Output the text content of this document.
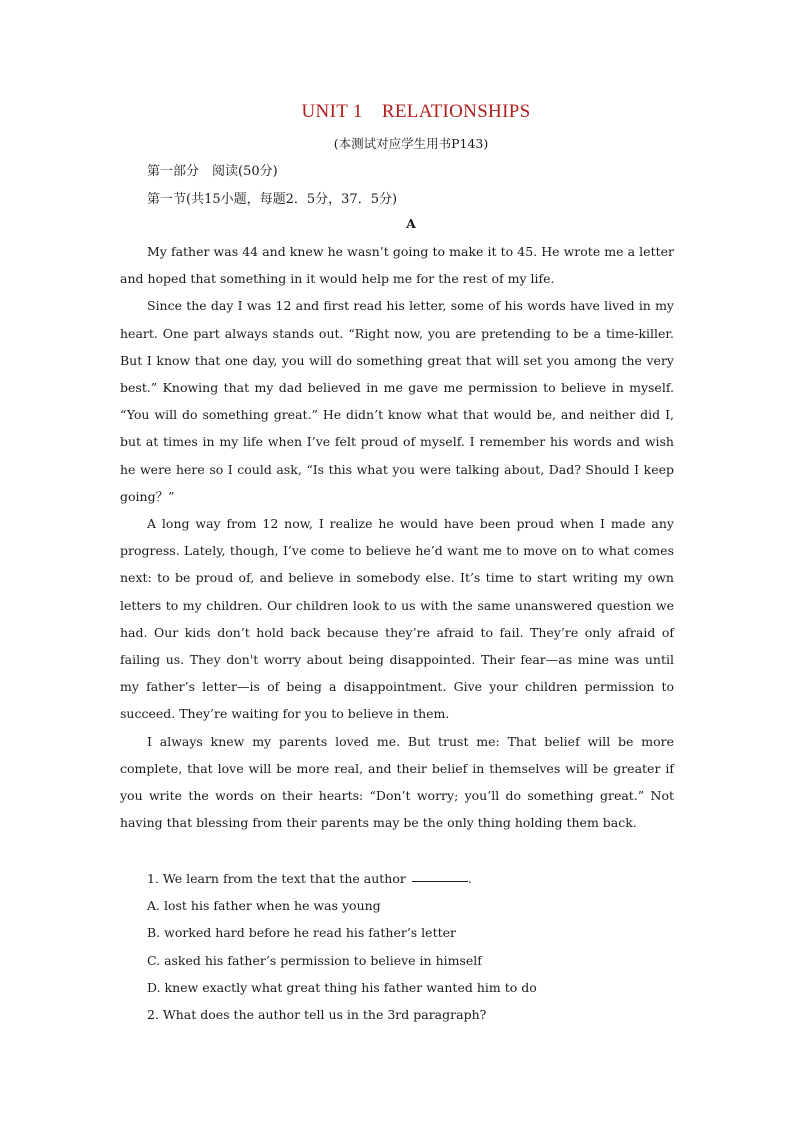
UNIT 1　RELATIONSHIPS
(本测试对应学生用书P143)
第一部分　阅读(50分)
第一节(共15小题，每题2．5分，37．5分)
A

My father was 44 and knew he wasn’t going to make it to 45. He wrote me a letter and hoped that something in it would help me for the rest of my life.

Since the day I was 12 and first read his letter, some of his words have lived in my heart. One part always stands out. “Right now, you are pretending to be a time-killer. But I know that one day, you will do something great that will set you among the very best.” Knowing that my dad believed in me gave me permission to believe in myself. “You will do something great.” He didn’t know what that would be, and neither did I, but at times in my life when I’ve felt proud of myself. I remember his words and wish he were here so I could ask, “Is this what you were talking about, Dad? Should I keep going？”

A long way from 12 now, I realize he would have been proud when I made any progress. Lately, though, I’ve come to believe he’d want me to move on to what comes next: to be proud of, and believe in somebody else. It’s time to start writing my own letters to my children. Our children look to us with the same unanswered question we had. Our kids don’t hold back because they’re afraid to fail. They’re only afraid of failing us. They don't worry about being disappointed. Their fear—as mine was until my father’s letter—is of being a disappointment. Give your children permission to succeed. They’re waiting for you to believe in them.

I always knew my parents loved me. But trust me: That belief will be more complete, that love will be more real, and their belief in themselves will be greater if you write the words on their hearts: “Don’t worry; you’ll do something great.” Not having that blessing from their parents may be the only thing holding them back.

1. We learn from the text that the author	.
A. lost his father when he was young
B. worked hard before he read his father’s letter
C. asked his father’s permission to believe in himself
D. knew exactly what great thing his father wanted him to do
2. What does the author tell us in the 3rd paragraph?
